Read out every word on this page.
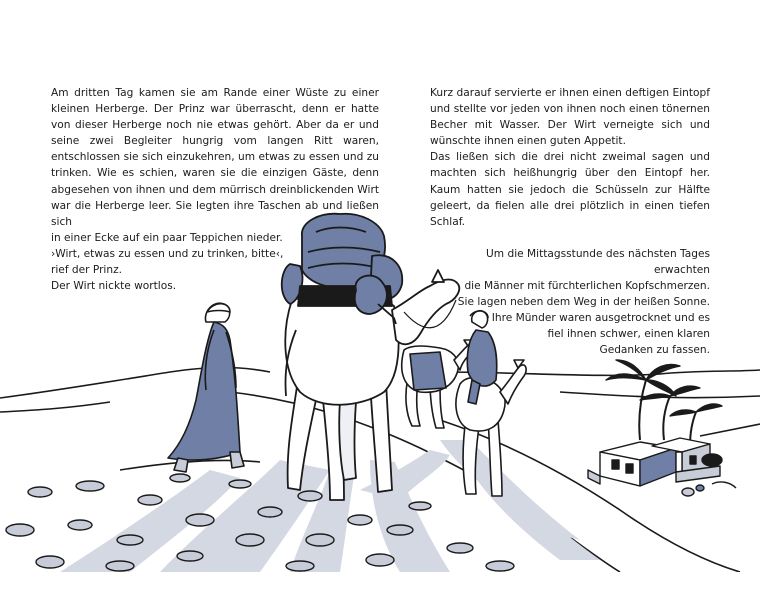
Am dritten Tag kamen sie am Rande einer Wüste zu einer kleinen Herberge. Der Prinz war überrascht, denn er hatte von dieser Herberge noch nie etwas gehört. Aber da er und seine zwei Begleiter hungrig vom langen Ritt waren, entschlossen sie sich einzukehren, um etwas zu essen und zu trinken. Wie es schien, waren sie die einzigen Gäste, denn abgesehen von ihnen und dem mürrisch dreinblickenden Wirt war die Herberge leer. Sie legten ihre Taschen ab und ließen sich

in einer Ecke auf ein paar Teppichen nieder.

›Wirt, etwas zu essen und zu trinken, bitte‹,

rief der Prinz.

Der Wirt nickte wortlos.

Kurz darauf servierte er ihnen einen deftigen Eintopf und stellte vor jeden von ihnen noch einen tönernen Becher mit Wasser. Der Wirt verneigte sich und wünschte ihnen einen guten Appetit.

Das ließen sich die drei nicht zweimal sagen und machten sich heißhungrig über den Eintopf her. Kaum hatten sie jedoch die Schüsseln zur Hälfte geleert, da fielen alle drei plötzlich in einen tiefen Schlaf.

Um die Mittagsstunde des nächsten Tages erwachten

die Männer mit fürchterlichen Kopfschmerzen.

Sie lagen neben dem Weg in der heißen Sonne.

Ihre Münder waren ausgetrocknet und es

fiel ihnen schwer, einen klaren

Gedanken zu fassen.
